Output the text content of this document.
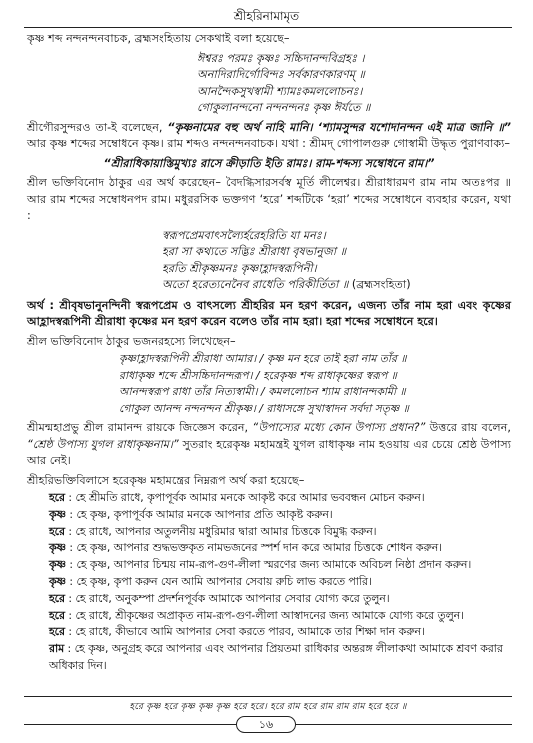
শ্রীহরিনামামৃত

কৃষ্ণ শব্দ নন্দনন্দনবাচক, ব্রহ্মসংহিতায় সেকথাই বলা হয়েছে–

ঈশ্বরঃ পরমঃ কৃষ্ণঃ সচ্চিদানন্দবিগ্রহঃ ।

অনাদিরাদির্গোবিন্দঃ সর্বকারণকারণম্‌ ॥

আনন্দৈকসুখস্বামী শ্যামঃকমললোচনঃ।

গোকুলানন্দনো নন্দনন্দনঃ কৃষ্ণ ঈর্যতে ॥

শ্রীগৌরসুন্দরও তা-ই বলেছেন, “কৃষ্ণনামের বহু অর্থ নাহি মানি। ‘শ্যামসুন্দর যশোদানন্দন এই মাত্র জানি ॥” আর কৃষ্ণ শব্দের সম্বোধনে কৃষ্ণ। রাম শব্দও নন্দনন্দনবাচক। যথা : শ্রীমদ্ গোপালগুরু গোস্বামী উদ্ধৃত পুরাণবাক্য–

“শ্রীরাধিকায়াস্তিমুখ্যঃ রাসে ক্রীড়াতি ইতি রামঃ। রাম-শব্দস্য সম্বোধনে রাম।”

শ্রীল ভক্তিবিনোদ ঠাকুর এর অর্থ করেছেন– বৈদগ্ধিসারসর্বস্ব মূর্তি লীলেশ্বর। শ্রীরাধারমণ রাম নাম অতঃপর ॥ আর রাম শব্দের সম্বোধনপদ রাম। মধুররসিক ভক্তগণ ‘হরে’ শব্দটিকে ‘হরা’ শব্দের সম্বোধনে ব্যবহার করেন, যথা :

স্বরূপপ্রেমবাৎসল্যৈর্হরেহরিতি যা মনঃ।

হরা সা কথ্যতে সদ্ভিঃ শ্রীরাধা বৃষভানুজা ॥

হরতি শ্রীকৃষ্ণমনঃ কৃষ্ণাহ্লাদস্বরূপিনী।

অতো হরেত্যনেনৈব রাধেতি পরিকীর্তিতা ॥ (ব্রহ্মসংহিতা)

অর্থ : শ্রীবৃষভানুনন্দিনী স্বরূপপ্রেম ও বাৎসল্যে শ্রীহরির মন হরণ করেন, এজন্য তাঁর নাম হরা এবং কৃষ্ণের আহ্লাদস্বরূপিনী শ্রীরাধা কৃষ্ণের মন হরণ করেন বলেও তাঁর নাম হরা। হরা শব্দের সম্বোধনে হরে।

শ্রীল ভক্তিবিনোদ ঠাকুর ভজনরহস্যে লিখেছেন–

কৃষ্ণাহ্লাদস্বরূপিনী শ্রীরাধা আমার। / কৃষ্ণ মন হরে তাই হরা নাম তাঁর ॥

রাধাকৃষ্ণ শব্দে শ্রীসচ্চিদানন্দরূপ। / হরেকৃষ্ণ শব্দ রাধাকৃষ্ণের স্বরূপ ॥

আনন্দস্বরূপ রাধা তাঁর নিত্যস্বামী। / কমললোচন শ্যাম রাধানন্দকামী ॥

গোকুল আনন্দ নন্দনন্দন শ্রীকৃষ্ণ। / রাধাসঙ্গে সুখাস্বাদন সর্বদা সতৃষ্ণ ॥

শ্রীমন্মহাপ্রভু শ্রীল রামানন্দ রায়কে জিজ্ঞেস করেন, “উপাস্যের মধ্যে কোন উপাস্য প্রধান?” উত্তরে রায় বলেন, “শ্রেষ্ঠ উপাস্য যুগল রাধাকৃষ্ণনাম।” সুতরাং হরেকৃষ্ণ মহামন্ত্রই যুগল রাধাকৃষ্ণ নাম হওয়ায় এর চেয়ে শ্রেষ্ঠ উপাস্য আর নেই।

শ্রীহরিভক্তিবিলাসে হরেকৃষ্ণ মহামন্ত্রের নিম্নরূপ অর্থ করা হয়েছে–

হরে : হে শ্রীমতি রাধে, কৃপাপূর্বক আমার মনকে আকৃষ্ট করে আমার ভববন্ধন মোচন করুন।

কৃষ্ণ : হে কৃষ্ণ, কৃপাপূর্বক আমার মনকে আপনার প্রতি আকৃষ্ট করুন।

হরে : হে রাধে, আপনার অতুলনীয় মধুরিমার দ্বারা আমার চিত্তকে বিমুগ্ধ করুন।

কৃষ্ণ : হে কৃষ্ণ, আপনার শুদ্ধভক্তকৃত নামভজনের স্পর্শ দান করে আমার চিত্তকে শোধন করুন।

কৃষ্ণ : হে কৃষ্ণ, আপনার চিন্ময় নাম-রূপ-গুণ-লীলা স্মরণের জন্য আমাকে অবিচল নিষ্ঠা প্রদান করুন।

কৃষ্ণ : হে কৃষ্ণ, কৃপা করুন যেন আমি আপনার সেবায় রুচি লাভ করতে পারি।

হরে : হে রাধে, অনুকম্পা প্রদর্শনপূর্বক আমাকে আপনার সেবার যোগ্য করে তুলুন।

হরে : হে রাধে, শ্রীকৃষ্ণের অপ্রাকৃত নাম-রূপ-গুণ-লীলা আস্বাদনের জন্য আমাকে যোগ্য করে তুলুন।

হরে : হে রাধে, কীভাবে আমি আপনার সেবা করতে পারব, আমাকে তার শিক্ষা দান করুন।

রাম : হে কৃষ্ণ, অনুগ্রহ করে আপনার এবং আপনার প্রিয়তমা রাধিকার অন্তরঙ্গ লীলাকথা আমাকে শ্রবণ করার অধিকার দিন।

হরে কৃষ্ণ হরে কৃষ্ণ কৃষ্ণ কৃষ্ণ হরে হরে। হরে রাম হরে রাম রাম রাম হরে হরে ॥
১৬
